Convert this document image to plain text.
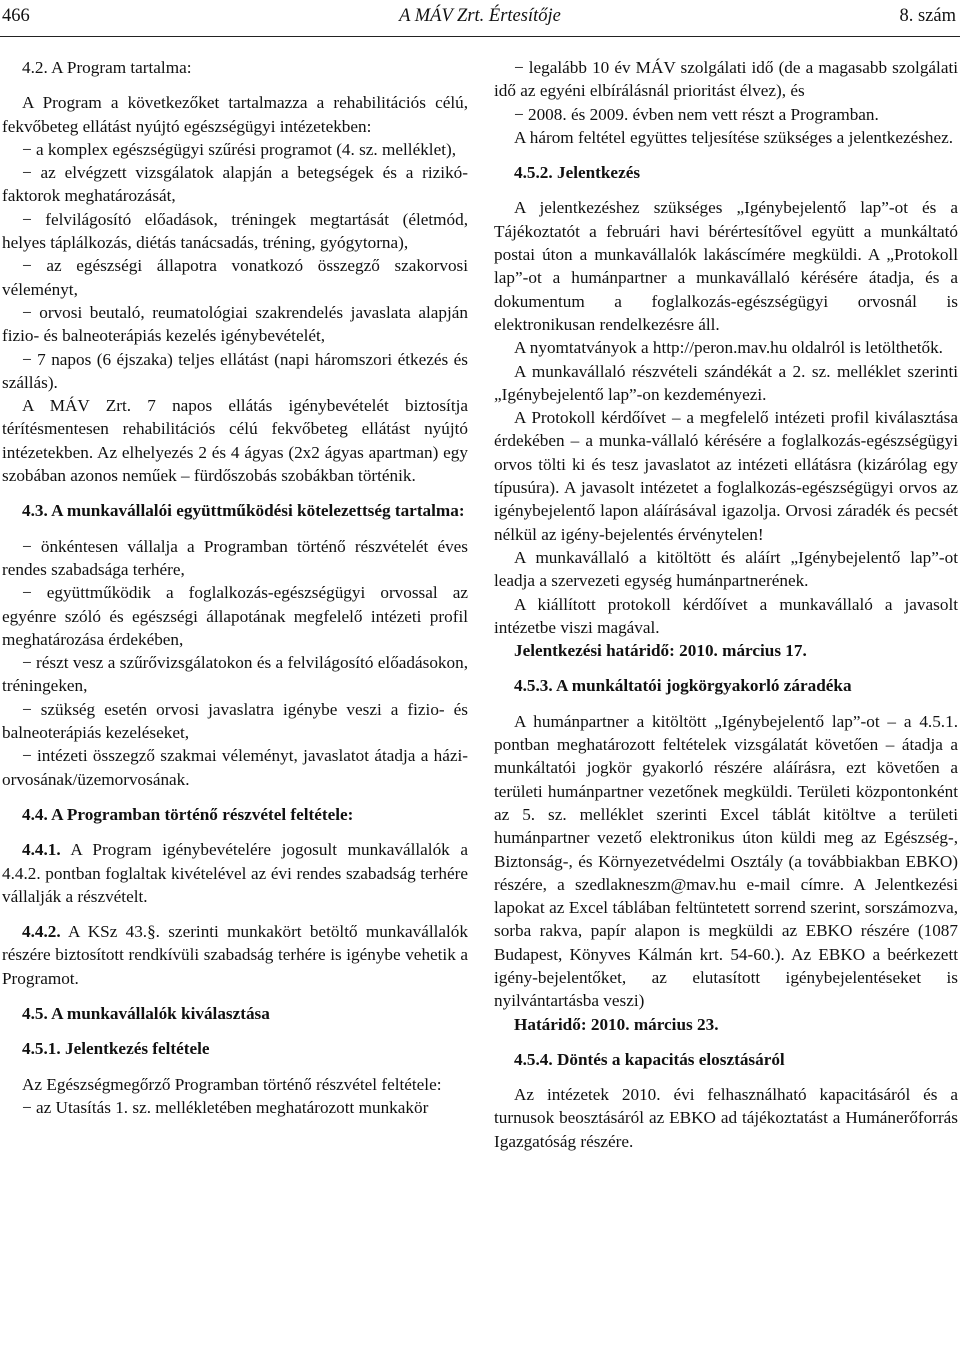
466	A MÁV Zrt. Értesítője	8. szám

4.2. A Program tartalma:

A Program a következőket tartalmazza a rehabilitációs célú, fekvőbeteg ellátást nyújtó egészségügyi intézetekben:

− a komplex egészségügyi szűrési programot (4. sz. melléklet),

− az elvégzett vizsgálatok alapján a betegségek és a rizikó-faktorok meghatározását,

− felvilágosító előadások, tréningek megtartását (életmód, helyes táplálkozás, diétás tanácsadás, tréning, gyógytorna),

− az egészségi állapotra vonatkozó összegző szakorvosi véleményt,

− orvosi beutaló, reumatológiai szakrendelés javaslata alapján fizio- és balneoterápiás kezelés igénybevételét,

− 7 napos (6 éjszaka) teljes ellátást (napi háromszori étkezés és szállás).

A MÁV Zrt. 7 napos ellátás igénybevételét biztosítja térítésmentesen rehabilitációs célú fekvőbeteg ellátást nyújtó intézetekben. Az elhelyezés 2 és 4 ágyas (2x2 ágyas apartman) egy szobában azonos neműek – fürdőszobás szobákban történik.

4.3. A munkavállalói együttműködési kötelezettség tartalma:

− önkéntesen vállalja a Programban történő részvételét éves rendes szabadsága terhére,

− együttműködik a foglalkozás-egészségügyi orvossal az egyénre szóló és egészségi állapotának megfelelő intézeti profil meghatározása érdekében,

− részt vesz a szűrővizsgálatokon és a felvilágosító előadásokon, tréningeken,

− szükség esetén orvosi javaslatra igénybe veszi a fizio- és balneoterápiás kezeléseket,

− intézeti összegző szakmai véleményt, javaslatot átadja a házi-orvosának/üzemorvosának.

4.4. A Programban történő részvétel feltétele:

4.4.1. A Program igénybevételére jogosult munkavállalók a 4.4.2. pontban foglaltak kivételével az évi rendes szabadság terhére vállalják a részvételt.

4.4.2. A KSz 43.§. szerinti munkakört betöltő munkavállalók részére biztosított rendkívüli szabadság terhére is igénybe vehetik a Programot.

4.5. A munkavállalók kiválasztása

4.5.1. Jelentkezés feltétele

Az Egészségmegőrző Programban történő részvétel feltétele:

− az Utasítás 1. sz. mellékletében meghatározott munkakör

− legalább 10 év MÁV szolgálati idő (de a magasabb szolgálati idő az egyéni elbírálásnál prioritást élvez), és

− 2008. és 2009. évben nem vett részt a Programban.

A három feltétel együttes teljesítése szükséges a jelentkezéshez.

4.5.2. Jelentkezés

A jelentkezéshez szükséges „Igénybejelentő lap”-ot és a Tájékoztatót a februári havi bérértesítővel együtt a munkáltató postai úton a munkavállalók lakáscímére megküldi. A „Protokoll lap”-ot a humánpartner a munkavállaló kérésére átadja, és a dokumentum a foglalkozás-egészségügyi orvosnál is elektronikusan rendelkezésre áll.

A nyomtatványok a http://peron.mav.hu oldalról is letölthetők.

A munkavállaló részvételi szándékát a 2. sz. melléklet szerinti „Igénybejelentő lap”-on kezdeményezi.

A Protokoll kérdőívet – a megfelelő intézeti profil kiválasztása érdekében – a munka-vállaló kérésére a foglalkozás-egészségügyi orvos tölti ki és tesz javaslatot az intézeti ellátásra (kizárólag egy típusúra). A javasolt intézetet a foglalkozás-egészségügyi orvos az igénybejelentő lapon aláírásával igazolja. Orvosi záradék és pecsét nélkül az igény-bejelentés érvénytelen!

A munkavállaló a kitöltött és aláírt „Igénybejelentő lap”-ot leadja a szervezeti egység humánpartnerének.

A kiállított protokoll kérdőívet a munkavállaló a javasolt intézetbe viszi magával.

Jelentkezési határidő: 2010. március 17.

4.5.3. A munkáltatói jogkörgyakorló záradéka

A humánpartner a kitöltött „Igénybejelentő lap”-ot – a 4.5.1. pontban meghatározott feltételek vizsgálatát követően – átadja a munkáltatói jogkör gyakorló részére aláírásra, ezt követően a területi humánpartner vezetőnek megküldi. Területi központonként az 5. sz. melléklet szerinti Excel táblát kitöltve a területi humánpartner vezető elektronikus úton küldi meg az Egészség-, Biztonság-, és Környezetvédelmi Osztály (a továbbiakban EBKO) részére, a szedlakneszm@mav.hu e-mail címre. A Jelentkezési lapokat az Excel táblában feltüntetett sorrend szerint, sorszámozva, sorba rakva, papír alapon is megküldi az EBKO részére (1087 Budapest, Könyves Kálmán krt. 54-60.). Az EBKO a beérkezett igény-bejelentőket, az elutasított igénybejelentéseket is nyilvántartásba veszi)

Határidő: 2010. március 23.

4.5.4. Döntés a kapacitás elosztásáról

Az intézetek 2010. évi felhasználható kapacitásáról és a turnusok beosztásáról az EBKO ad tájékoztatást a Humánerőforrás Igazgatóság részére.
